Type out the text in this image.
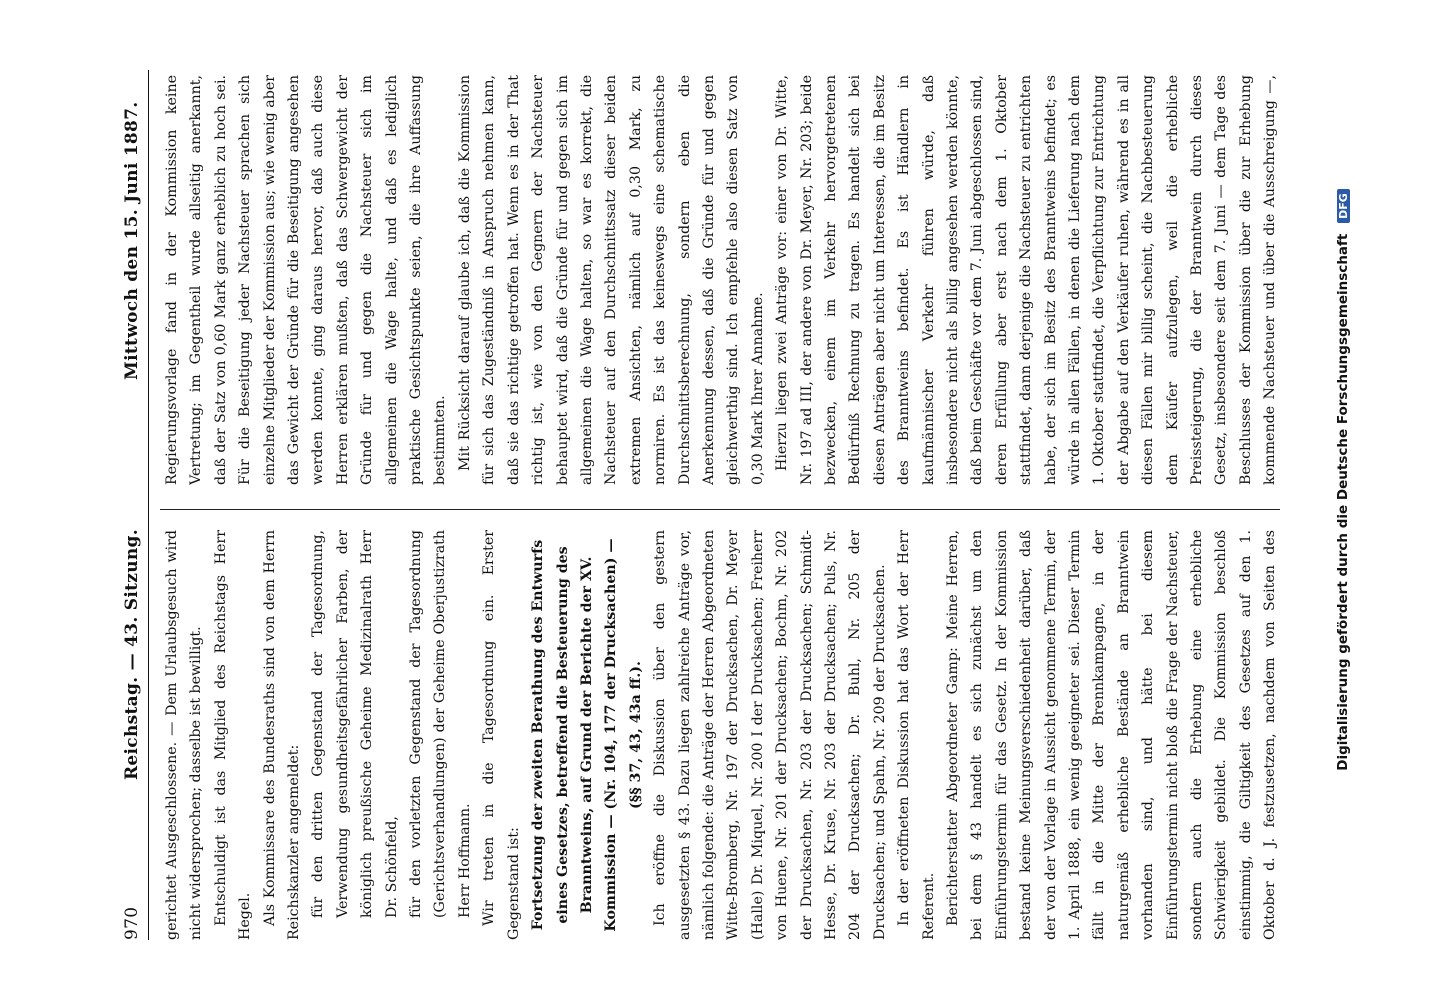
970
Reichstag. — 43. Sitzung.
Mittwoch den 15. Juni 1887.

gerichtet Ausgeschlossene. — Dem Urlaubsgesuch wird nicht widersprochen; dasselbe ist bewilligt. Entschuldigt ist das Mitglied des Reichstags Herr Hegel. Als Kommissare des Bundesraths sind von dem Herrn Reichskanzler angemeldet: für den dritten Gegenstand der Tagesordnung, Verwendung gesundheitsgefährlicher Farben, der königlich preußische Geheime Medizinalrath Herr Dr. Schönfeld, für den vorletzten Gegenstand der Tagesordnung (Gerichtsverhandlungen) der Geheime Oberjustizrath Herr Hoffmann. Wir treten in die Tagesordnung ein. Erster Gegenstand ist: Fortsetzung der zweiten Berathung des Entwurfs eines Gesetzes, betreffend die Besteuerung des Branntweins, auf Grund der Berichte der XV. Kommission — (Nr. 104, 177 der Drucksachen) — (§§ 37, 43, 43a ff.). Ich eröffne die Diskussion über den gestern ausgesetzten § 43. Dazu liegen zahlreiche Anträge vor, nämlich folgende: die Anträge der Herren Abgeordneten Witte-Bromberg, Nr. 197 der Drucksachen, Dr. Meyer (Halle) Dr. Miquel, Nr. 200 I der Drucksachen; Freiherr von Huene, Nr. 201 der Drucksachen; Bochm, Nr. 202 der Drucksachen, Nr. 203 der Drucksachen; Schmidt-Hesse, Dr. Kruse, Nr. 203 der Drucksachen; Puls, Nr. 204 der Drucksachen; Dr. Buhl, Nr. 205 der Drucksachen; und Spahn, Nr. 209 der Drucksachen. In der eröffneten Diskussion hat das Wort der Herr Referent. Berichterstatter Abgeordneter Gamp: Meine Herren, bei dem § 43 handelt es sich zunächst um den Einführungstermin für das Gesetz. In der Kommission bestand keine Meinungsverschiedenheit darüber, daß der von der Vorlage in Aussicht genommene Termin, der 1. April 1888, ein wenig geeigneter sei. Dieser Termin fällt in die Mitte der Brennkampagne, in der naturgemäß erhebliche Bestände an Branntwein vorhanden sind, und hätte bei diesem Einführungstermin nicht bloß die Frage der Nachsteuer, sondern auch die Erhebung eine erhebliche Schwierigkeit gebildet. Die Kommission beschloß einstimmig, die Giltigkeit des Gesetzes auf den 1. Oktober d. J. festzusetzen, nachdem von Seiten des

Regierungsvorlage fand in der Kommission keine Vertretung; im Gegentheil wurde allseitig anerkannt, daß der Satz von 0,60 Mark ganz erheblich zu hoch sei. Für die Beseitigung jeder Nachsteuer sprachen sich einzelne Mitglieder der Kommission aus; wie wenig aber das Gewicht der Gründe für die Beseitigung angesehen werden konnte, ging daraus hervor, daß auch diese Herren erklären mußten, daß das Schwergewicht der Gründe für und gegen die Nachsteuer sich im allgemeinen die Wage halte, und daß es lediglich praktische Gesichtspunkte seien, die ihre Auffassung bestimmten. Mit Rücksicht darauf glaube ich, daß die Kommission für sich das Zugeständniß in Anspruch nehmen kann, daß sie das richtige getroffen hat. Wenn es in der That richtig ist, wie von den Gegnern der Nachsteuer behauptet wird, daß die Gründe für und gegen sich im allgemeinen die Wage halten, so war es korrekt, die Nachsteuer auf den Durchschnittssatz dieser beiden extremen Ansichten, nämlich auf 0,30 Mark, zu normiren. Es ist das keineswegs eine schematische Durchschnittsberechnung, sondern eben die Anerkennung dessen, daß die Gründe für und gegen gleichwerthig sind. Ich empfehle also diesen Satz von 0,30 Mark Ihrer Annahme. Hierzu liegen zwei Anträge vor: einer von Dr. Witte, Nr. 197 ad III, der andere von Dr. Meyer, Nr. 203; beide bezwecken, einem im Verkehr hervorgetretenen Bedürfniß Rechnung zu tragen. Es handelt sich bei diesen Anträgen aber nicht um Interessen, die im Besitz des Branntweins befindet. Es ist Händlern in kaufmännischer Verkehr führen würde, daß insbesondere nicht als billig angesehen werden könnte, daß beim Geschäfte vor dem 7. Juni abgeschlossen sind, deren Erfüllung aber erst nach dem 1. Oktober stattfindet, dann derjenige die Nachsteuer zu entrichten habe, der sich im Besitz des Branntweins befindet; es würde in allen Fällen, in denen die Lieferung nach dem 1. Oktober stattfindet, die Verpflichtung zur Entrichtung der Abgabe auf den Verkäufer ruhen, während es in all diesen Fällen mir billig scheint, die Nachbesteuerung dem Käufer aufzulegen, weil die erhebliche Preissteigerung, die der Branntwein durch dieses Gesetz, insbesondere seit dem 7. Juni — dem Tage des Beschlusses der Kommission über die zur Erhebung kommende Nachsteuer und über die Ausschreigung —,

Digitalisierung gefördert durch die Deutsche Forschungsgemeinschaft DFG
